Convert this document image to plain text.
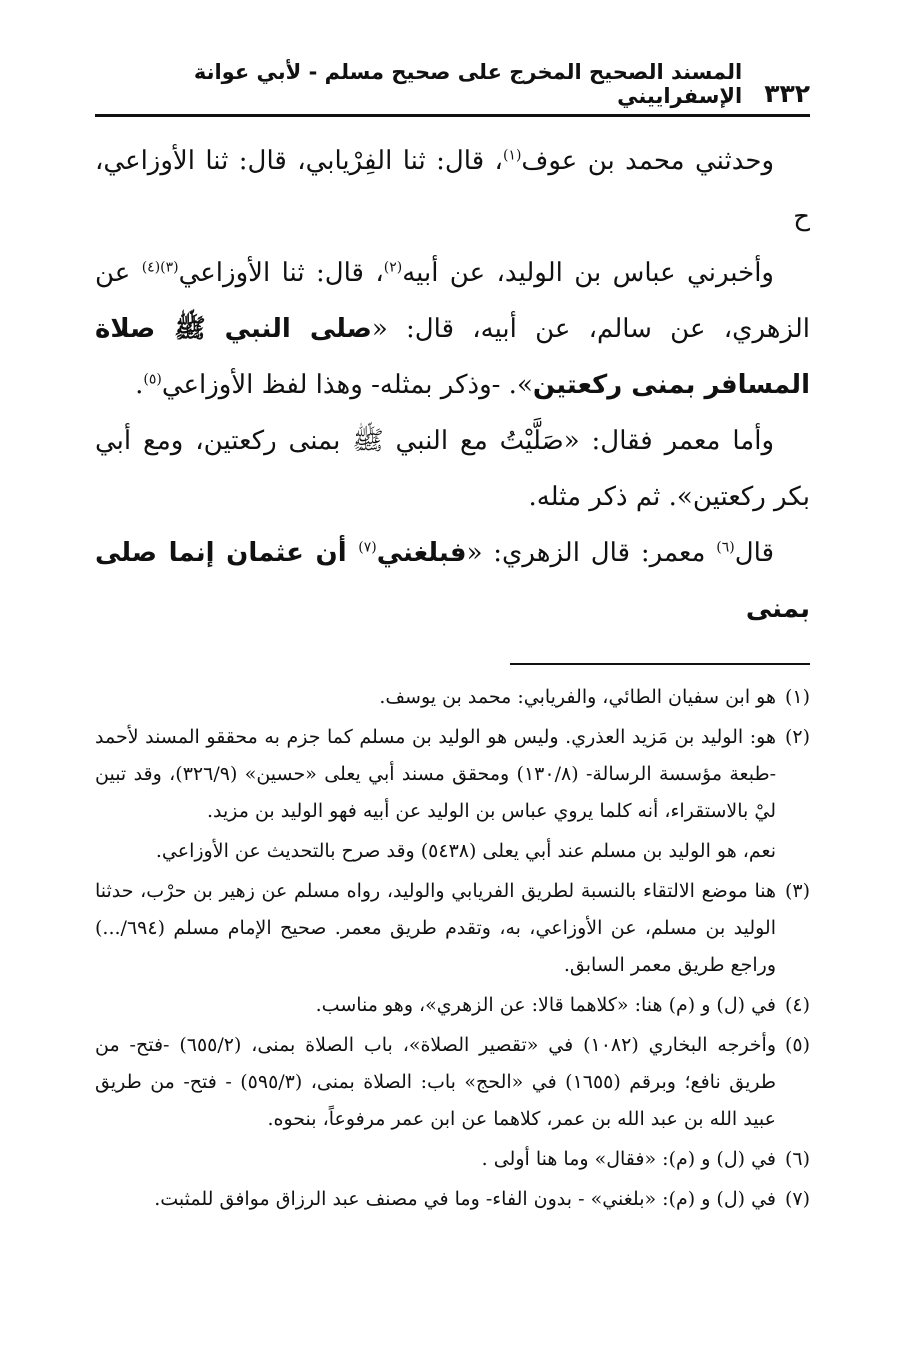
٣٣٢
المسند الصحيح المخرج على صحيح مسلم - لأبي عوانة الإسفراييني

وحدثني محمد بن عوف$^{(١)}$، قال: ثنا الفِرْيابي، قال: ثنا الأوزاعي، ح

وأخبرني عباس بن الوليد، عن أبيه$^{(٢)}$، قال: ثنا الأوزاعي$^{(٣)(٤)}$ عن الزهري، عن سالم، عن أبيه، قال: «صلى النبي ﷺ صلاة المسافر بمنى ركعتين». -وذكر بمثله- وهذا لفظ الأوزاعي$^{(٥)}$.

وأما معمر فقال: «صَلَّيْتُ مع النبي ﷺ بمنى ركعتين، ومع أبي بكر ركعتين». ثم ذكر مثله.

قال$^{(٦)}$ معمر: قال الزهري: «فبلغني$^{(٧)}$ أن عثمان إنما صلى بمنى

(١)هو ابن سفيان الطائي، والفريابي: محمد بن يوسف.

(٢)هو: الوليد بن مَزيد العذري. وليس هو الوليد بن مسلم كما جزم به محققو المسند لأحمد -طبعة مؤسسة الرسالة- (١٣٠/٨) ومحقق مسند أبي يعلى «حسين» (٣٢٦/٩)، وقد تبين ليْ بالاستقراء، أنه كلما يروي عباس بن الوليد عن أبيه فهو الوليد بن مزيد.

نعم، هو الوليد بن مسلم عند أبي يعلى (٥٤٣٨) وقد صرح بالتحديث عن الأوزاعي.

(٣)هنا موضع الالتقاء بالنسبة لطريق الفريابي والوليد، رواه مسلم عن زهير بن حرْب، حدثنا الوليد بن مسلم، عن الأوزاعي، به، وتقدم طريق معمر. صحيح الإمام مسلم (٦٩٤/...) وراجع طريق معمر السابق.

(٤)في (ل) و (م) هنا: «كلاهما قالا: عن الزهري»، وهو مناسب.

(٥)وأخرجه البخاري (١٠٨٢) في «تقصير الصلاة»، باب الصلاة بمنى، (٦٥٥/٢) -فتح- من طريق نافع؛ وبرقم (١٦٥٥) في «الحج» باب: الصلاة بمنى، (٥٩٥/٣) - فتح- من طريق عبيد الله بن عبد الله بن عمر، كلاهما عن ابن عمر مرفوعاً، بنحوه.

(٦)في (ل) و (م): «فقال» وما هنا أولى .

(٧)في (ل) و (م): «بلغني» - بدون الفاء- وما في مصنف عبد الرزاق موافق للمثبت.
